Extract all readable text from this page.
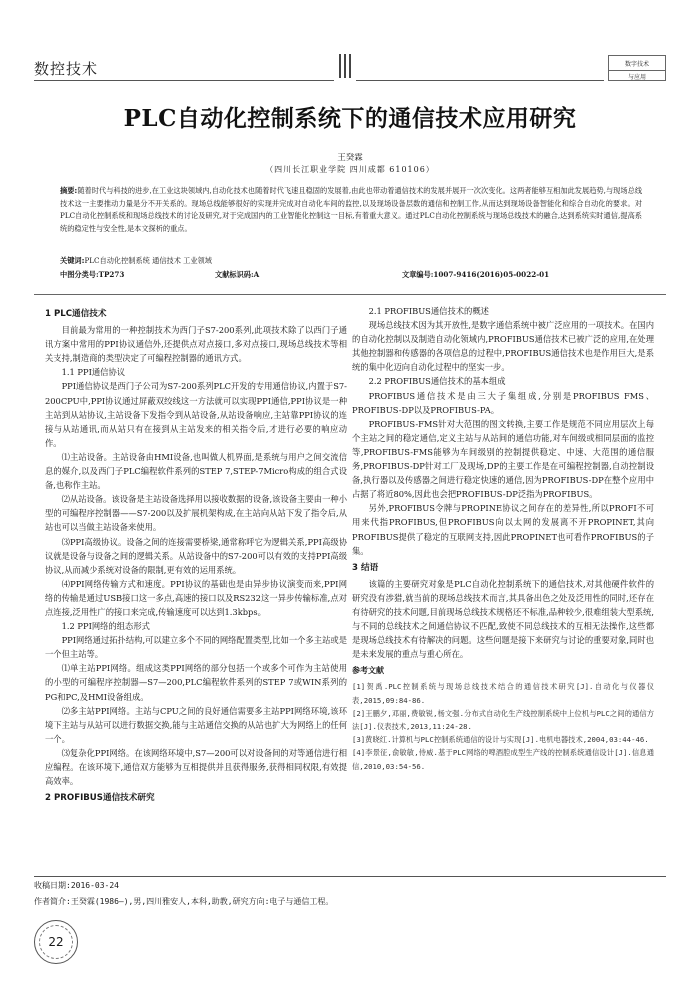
数控技术	数字技术
与应用
PLC自动化控制系统下的通信技术应用研究
王癸霖
（四川长江职业学院 四川成都 610106）
摘要:随着时代与科技的进步,在工业这块领域内,自动化技术也随着时代飞速且稳固的发展着,由此也带动着通信技术的发展并展开一次次变化。这两者能够互相加此发展趋势,与现场总线技术这一主要推动力量是分不开关系的。现场总线能够很好的实现并完成对自动化车间的监控,以及现场设备层数的通信和控制工作,从而达到现场设备智能化和综合自动化的要求。对PLC自动化控制系统和现场总线技术的讨论及研究,对于完成国内的工业智能化控制这一目标,有着重大意义。通过PLC自动化控制系统与现场总线技术的融合,达到系统实时通信,提高系统的稳定性与安全性,是本文探析的重点。
关键词:PLC自动化控制系统 通信技术 工业领域
中图分类号:TP273	文献标识码:A	文章编号:1007-9416(2016)05-0022-01
1 PLC通信技术
目前最为常用的一种控制技术为西门子S7-200系列,此项技术除了以西门子通讯方案中常用的PPI协议通信外,还提供点对点接口,多对点接口,现场总线技术等相关支持,制造商的类型决定了可编程控制器的通讯方式。
1.1 PPI通信协议
PPI通信协议是西门子公司为S7-200系列PLC开发的专用通信协议,内置于S7-200CPU中,PPI协议通过屏蔽双绞线这一方法就可以实现PPI通信,PPI协议是一种主站到从站协议,主站设备下发指令到从站设备,从站设备响应,主站靠PPI协议的连接与从站通讯,而从站只有在接到从主站发来的相关指令后,才进行必要的响应动作。
⑴主站设备。主站设备由HMI设备,也叫做人机界面,是系统与用户之间交流信息的媒介,以及西门子PLC编程软件系列的STEP 7,STEP-7Micro构成的组合式设备,也称作主站。
⑵从站设备。该设备是主站设备选择用以接收数据的设备,该设备主要由一种小型的可编程序控制器——S7-200以及扩展机架构成,在主站向从站下发了指令后,从站也可以当做主站设备来使用。
⑶PPI高级协议。设备之间的连接需要桥梁,通常称呼它为逻辑关系,PPI高级协议就是设备与设备之间的逻辑关系。从站设备中的S7-200可以有效的支持PPI高级协议,从而减少系统对设备的限制,更有效的运用系统。
⑷PPI网络传输方式和速度。PPI协议的基础也是由异步协议演变而来,PPI网络的传输是通过USB接口这一多点,高速的接口以及RS232这一异步传输标准,点对点连接,泛用性广的接口来完成,传输速度可以达到1.3kbps。
1.2 PPI网络的组态形式
PPI网络通过拓扑结构,可以建立多个不同的网络配置类型,比如一个多主站或是一个但主站等。
⑴单主站PPI网络。组成这类PPI网络的部分包括一个或多个可作为主站使用的小型的可编程序控制器—S7—200,PLC编程软件系列的STEP 7或WIN系列的PG和PC,及HMI设备组成。
⑵多主站PPI网络。主站与CPU之间的良好通信需要多主站PPI网络环境,该环境下主站与从站可以进行数据交换,能与主站通信交换的从站也扩大为网络上的任何一个。
⑶复杂化PPI网络。在该网络环境中,S7—200可以对设备间的对等通信进行相应编程。在该环境下,通信双方能够为互相提供并且获得服务,获得相同权限,有效提高效率。
2 PROFIBUS通信技术研究
2.1 PROFIBUS通信技术的概述
现场总线技术因为其开放性,是数字通信系统中被广泛应用的一项技术。在国内的自动化控制以及制造自动化领域内,PROFIBUS通信技术已被广泛的应用,在处理其他控制器和传感器的各项信息的过程中,PROFIBUS通信技术也是作用巨大,是系统的集中化迈向自动化过程中的坚实一步。
2.2 PROFIBUS通信技术的基本组成
PROFIBUS通信技术是由三大子集组成,分别是PROFIBUS FMS、PROFIBUS-DP以及PROFIBUS-PA。
PROFIBUS-FMS针对大范围的图文转换,主要工作是规范不同应用层次上每个主站之间的稳定通信,定义主站与从站间的通信功能,对车间级或相同层面的监控等,PROFIBUS-FMS能够为车间级别的控制提供稳定、中速、大范围的通信服务,PROFIBUS-DP针对工厂及现场,DP的主要工作是在可编程控制器,自动控制设备,执行器以及传感器之间进行稳定快速的通信,因为PROFIBUS-DP在整个应用中占据了将近80%,因此也会把PROFIBUS-DP泛指为PROFIBUS。
另外,PROFIBUS令牌与PROPINE协议之间存在的差异性,所以PROFI不可用来代指PROFIBUS,但PROFIBUS向以太网的发展离不开PROPINET,其向PROFIBUS提供了稳定的互联网支持,因此PROPINET也可看作PROFIBUS的子集。
3 结语
该篇的主要研究对象是PLC自动化控制系统下的通信技术,对其他硬件软件的研究没有涉猎,就当前的现场总线技术而言,其具备出色之处及泛用性的同时,还存在有待研究的技术问题,目前现场总线技术规格还不标准,品种较少,很难组装大型系统,与不同的总线技术之间通信协议不匹配,致使不同总线技术的互相无法操作,这些都是现场总线技术有待解决的问题。这些问题是接下来研究与讨论的重要对象,同时也是未来发展的重点与重心所在。
参考文献
[1]贺禹.PLC控制系统与现场总线技术结合的通信技术研究[J].自动化与仪器仪表,2015,09:84-86.
[2]王鹏夕,邓丽,费敏锐,杨文强.分布式自动化生产线控制系统中上位机与PLC之间的通信方法[J].仪表技术,2013,11:24-28.
[3]黄晓红.计算机与PLC控制系统通信的设计与实现[J].电机电器技术,2004,03:44-46.
[4]李景征,俞敏敏,侍威.基于PLC网络的啤酒腔成型生产线的控制系统通信设计[J].信息通信,2010,03:54-56.
收稿日期:2016-03-24
作者简介:王癸霖(1986—),男,四川雅安人,本科,助教,研究方向:电子与通信工程。
22
